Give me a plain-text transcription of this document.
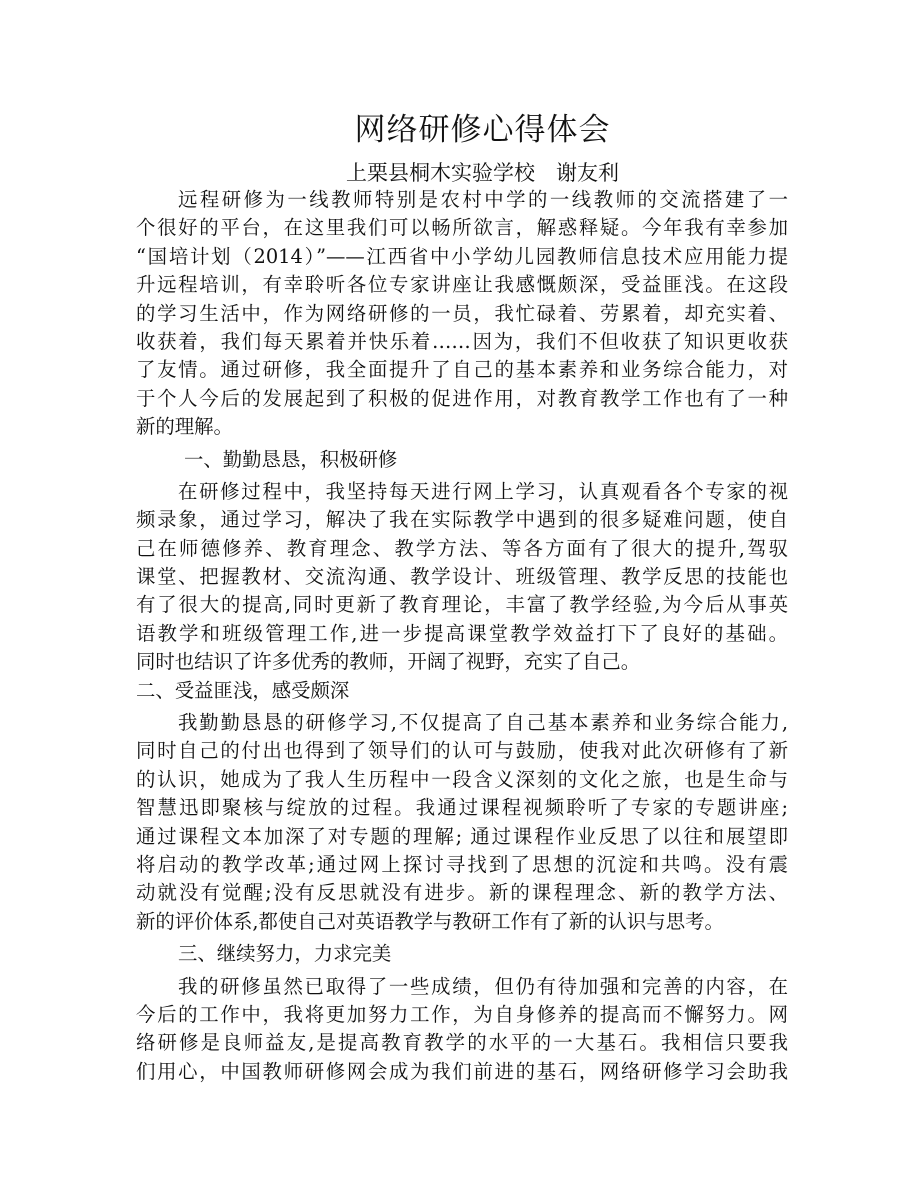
网络研修心得体会
上栗县桐木实验学校　谢友利
远程研修为一线教师特别是农村中学的一线教师的交流搭建了一
个很好的平台，在这里我们可以畅所欲言，解惑释疑。今年我有幸参加
“国培计划（2014）”——江西省中小学幼儿园教师信息技术应用能力提
升远程培训，有幸聆听各位专家讲座让我感慨颇深，受益匪浅。在这段
的学习生活中，作为网络研修的一员，我忙碌着、劳累着，却充实着、
收获着，我们每天累着并快乐着……因为，我们不但收获了知识更收获
了友情。通过研修，我全面提升了自己的基本素养和业务综合能力，对
于个人今后的发展起到了积极的促进作用，对教育教学工作也有了一种
新的理解。
一、勤勤恳恳，积极研修
在研修过程中，我坚持每天进行网上学习，认真观看各个专家的视
频录象，通过学习，解决了我在实际教学中遇到的很多疑难问题，使自
己在师德修养、教育理念、教学方法、等各方面有了很大的提升,驾驭
课堂、把握教材、交流沟通、教学设计、班级管理、教学反思的技能也
有了很大的提高,同时更新了教育理论，丰富了教学经验,为今后从事英
语教学和班级管理工作,进一步提高课堂教学效益打下了良好的基础。
同时也结识了许多优秀的教师，开阔了视野，充实了自己。
二、受益匪浅，感受颇深
我勤勤恳恳的研修学习,不仅提高了自己基本素养和业务综合能力,
同时自己的付出也得到了领导们的认可与鼓励，使我对此次研修有了新
的认识，她成为了我人生历程中一段含义深刻的文化之旅，也是生命与
智慧迅即聚核与绽放的过程。我通过课程视频聆听了专家的专题讲座;
通过课程文本加深了对专题的理解; 通过课程作业反思了以往和展望即
将启动的教学改革;通过网上探讨寻找到了思想的沉淀和共鸣。没有震
动就没有觉醒;没有反思就没有进步。新的课程理念、新的教学方法、
新的评价体系,都使自己对英语教学与教研工作有了新的认识与思考。
三、继续努力，力求完美
我的研修虽然已取得了一些成绩，但仍有待加强和完善的内容，在
今后的工作中，我将更加努力工作，为自身修养的提高而不懈努力。网
络研修是良师益友,是提高教育教学的水平的一大基石。我相信只要我
们用心，中国教师研修网会成为我们前进的基石，网络研修学习会助我
